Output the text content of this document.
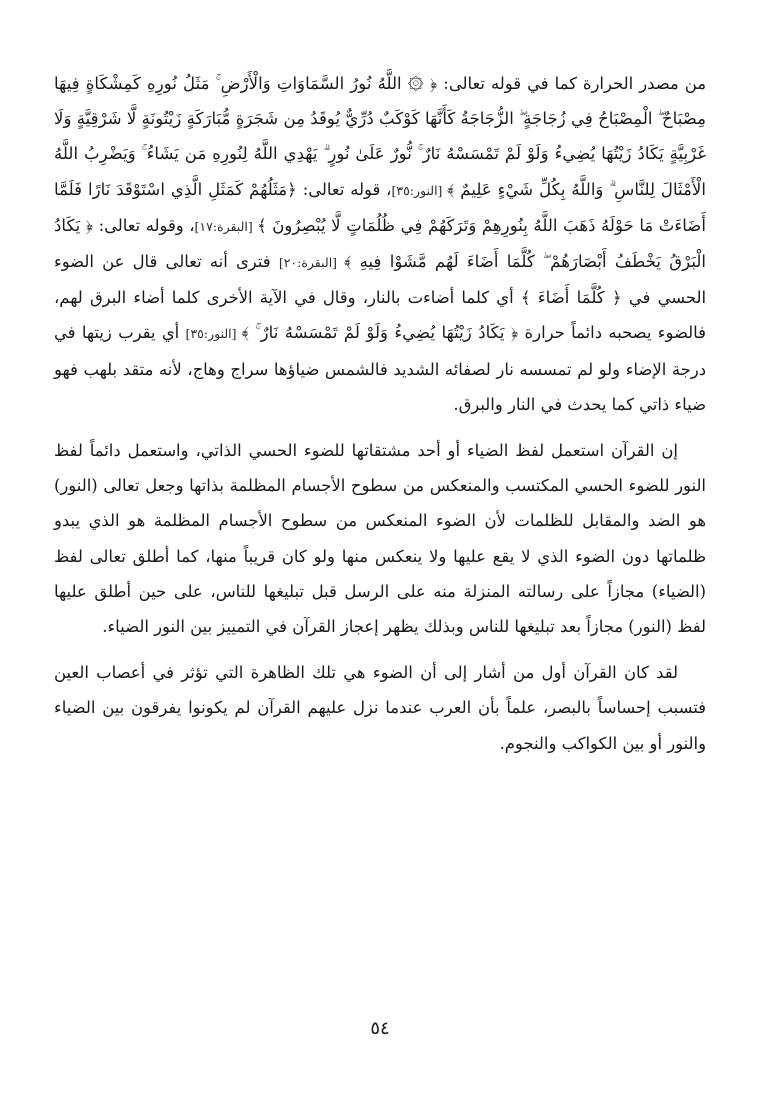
من مصدر الحرارة كما في قوله تعالى: ﴿ ۞ اللَّهُ نُورُ السَّمَاوَاتِ وَالْأَرْضِ ۚ مَثَلُ نُورِهِ كَمِشْكَاةٍ فِيهَا مِصْبَاحٌ ۖ الْمِصْبَاحُ فِي زُجَاجَةٍ ۖ الزُّجَاجَةُ كَأَنَّهَا كَوْكَبٌ دُرِّيٌّ يُوقَدُ مِن شَجَرَةٍ مُّبَارَكَةٍ زَيْتُونَةٍ لَّا شَرْقِيَّةٍ وَلَا غَرْبِيَّةٍ يَكَادُ زَيْتُهَا يُضِيءُ وَلَوْ لَمْ تَمْسَسْهُ نَارٌ ۚ نُّورٌ عَلَىٰ نُورٍ ۗ يَهْدِي اللَّهُ لِنُورِهِ مَن يَشَاءُ ۚ وَيَضْرِبُ اللَّهُ الْأَمْثَالَ لِلنَّاسِ ۗ وَاللَّهُ بِكُلِّ شَيْءٍ عَلِيمٌ ﴾ [النور:٣٥]، قوله تعالى: ﴿مَثَلُهُمْ كَمَثَلِ الَّذِي اسْتَوْقَدَ نَارًا فَلَمَّا أَضَاءَتْ مَا حَوْلَهُ ذَهَبَ اللَّهُ بِنُورِهِمْ وَتَرَكَهُمْ فِي ظُلُمَاتٍ لَّا يُبْصِرُونَ ﴾ [البقرة:١٧]، وقوله تعالى: ﴿ يَكَادُ الْبَرْقُ يَخْطَفُ أَبْصَارَهُمْ ۖ كُلَّمَا أَضَاءَ لَهُم مَّشَوْا فِيهِ ﴾ [البقرة:٢٠] فترى أنه تعالى قال عن الضوء الحسي في ﴿ كُلَّمَا أَضَاءَ ﴾ أي كلما أضاءت بالنار، وقال في الآية الأخرى كلما أضاء البرق لهم، فالضوء يصحبه دائماً حرارة ﴿ يَكَادُ زَيْتُهَا يُضِيءُ وَلَوْ لَمْ تَمْسَسْهُ نَارٌ ۚ ﴾ [النور:٣٥] أي يقرب زيتها في درجة الإضاء ولو لم تمسسه نار لصفائه الشديد فالشمس ضياؤها سراج وهاج، لأنه متقد بلهب فهو ضياء ذاتي كما يحدث في النار والبرق.

إن القرآن استعمل لفظ الضياء أو أحد مشتقاتها للضوء الحسي الذاتي، واستعمل دائماً لفظ النور للضوء الحسي المكتسب والمنعكس من سطوح الأجسام المظلمة بذاتها وجعل تعالى (النور) هو الضد والمقابل للظلمات لأن الضوء المنعكس من سطوح الأجسام المظلمة هو الذي يبدو ظلماتها دون الضوء الذي لا يقع عليها ولا ينعكس منها ولو كان قريباً منها، كما أطلق تعالى لفظ (الضياء) مجازاً على رسالته المنزلة منه على الرسل قبل تبليغها للناس، على حين أطلق عليها لفظ (النور) مجازاً بعد تبليغها للناس وبذلك يظهر إعجاز القرآن في التمييز بين النور الضياء.

لقد كان القرآن أول من أشار إلى أن الضوء هي تلك الظاهرة التي تؤثر في أعصاب العين فتسبب إحساساً بالبصر، علماً بأن العرب عندما نزل عليهم القرآن لم يكونوا يفرقون بين الضياء والنور أو بين الكواكب والنجوم.

٥٤
